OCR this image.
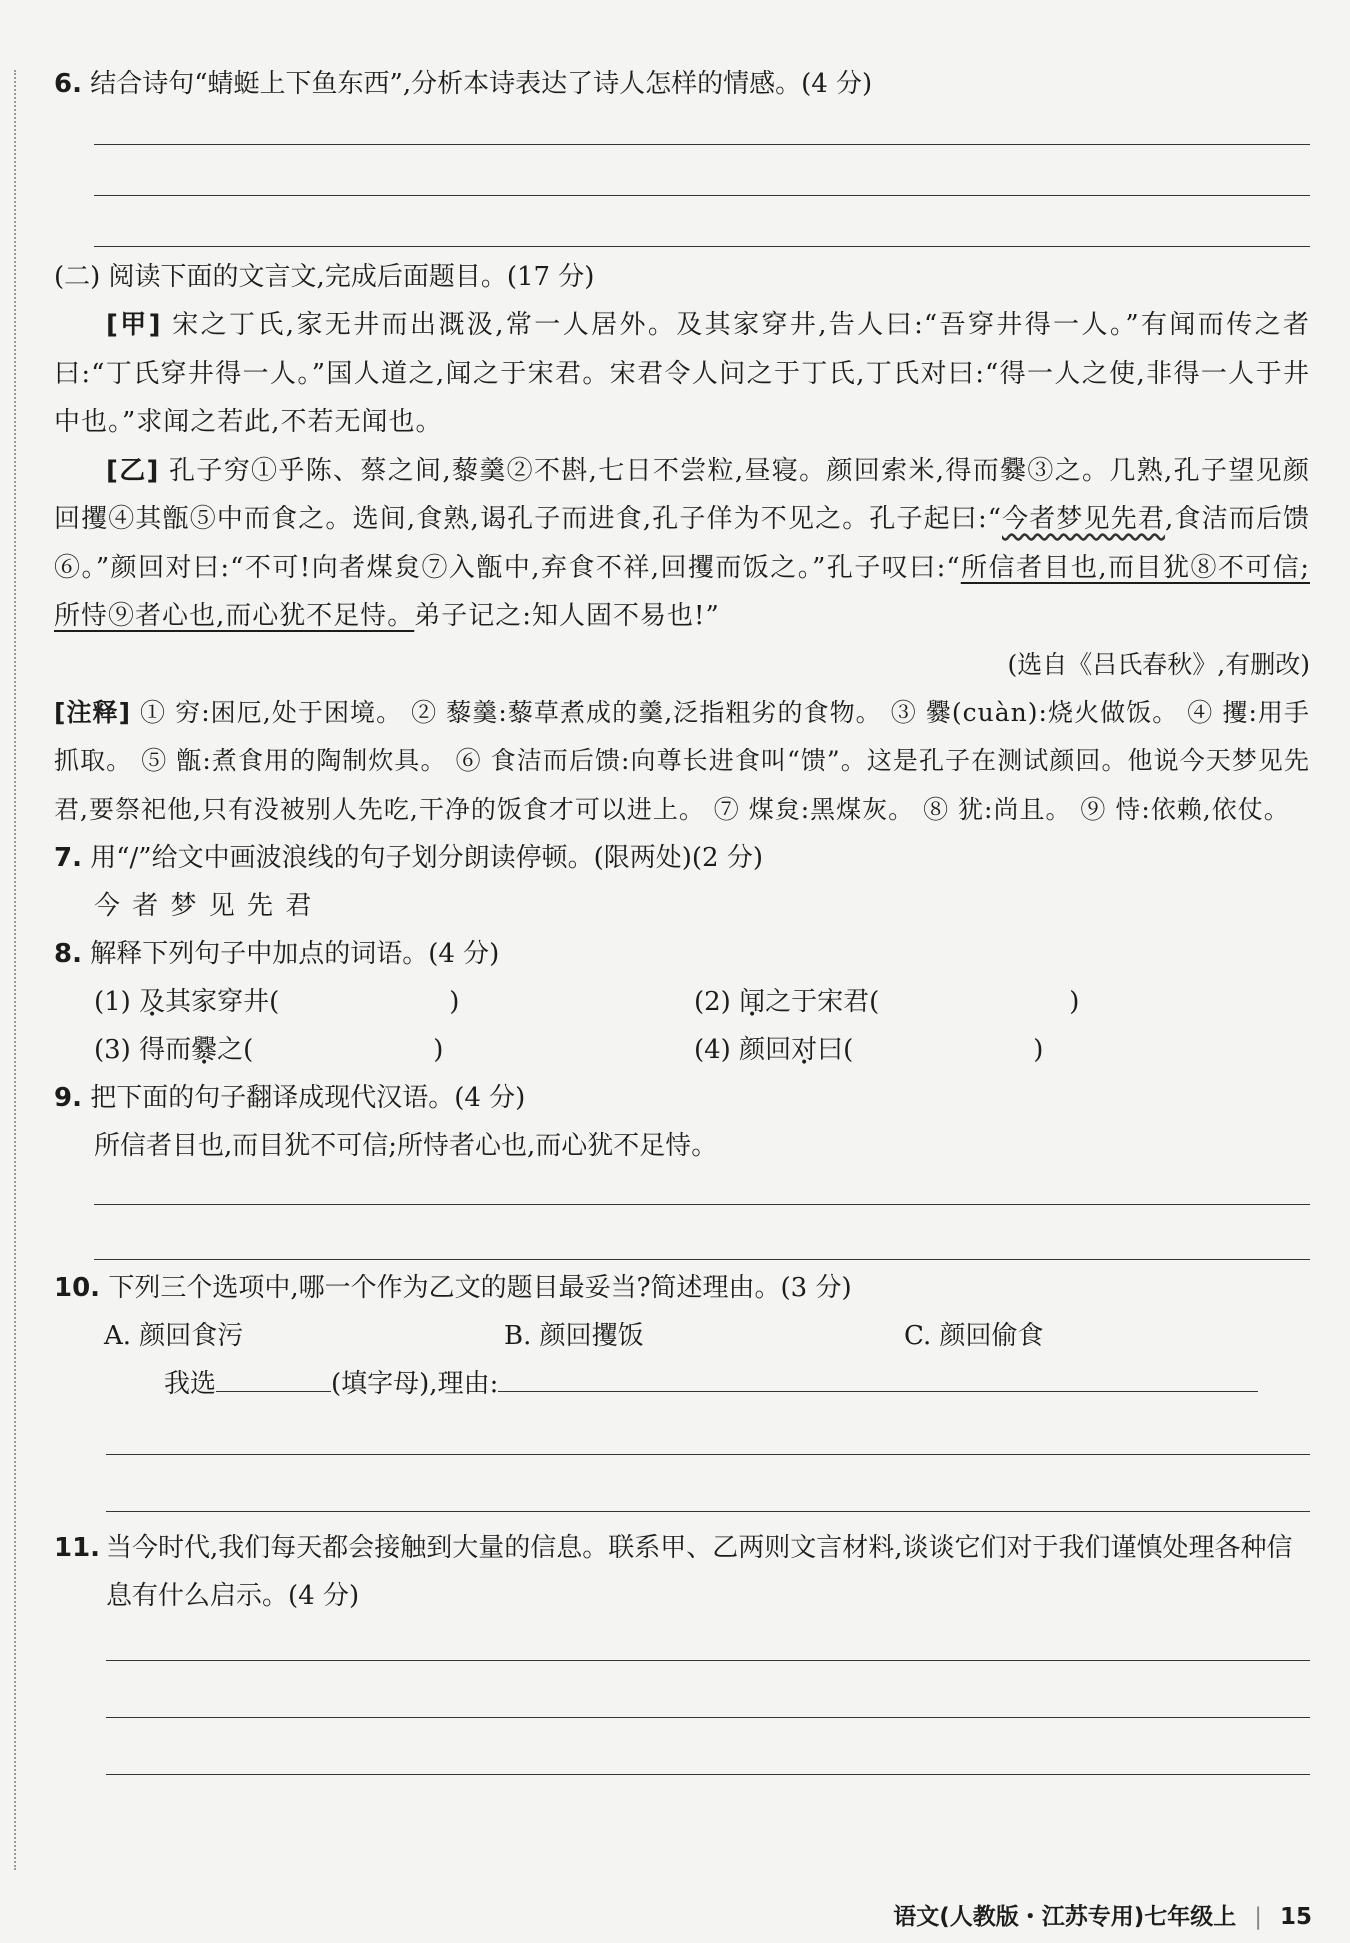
6. 结合诗句“蜻蜓上下鱼东西”,分析本诗表达了诗人怎样的情感。(4 分)
(二) 阅读下面的文言文,完成后面题目。(17 分)
[甲] 宋之丁氏,家无井而出溉汲,常一人居外。及其家穿井,告人曰:“吾穿井得一人。”有闻而传之者曰:“丁氏穿井得一人。”国人道之,闻之于宋君。宋君令人问之于丁氏,丁氏对曰:“得一人之使,非得一人于井中也。”求闻之若此,不若无闻也。
[乙] 孔子穷①乎陈、蔡之间,藜羹②不斟,七日不尝粒,昼寝。颜回索米,得而爨③之。几熟,孔子望见颜回攫④其甑⑤中而食之。选间,食熟,谒孔子而进食,孔子佯为不见之。孔子起曰:“今者梦见先君,食洁而后馈⑥。”颜回对曰:“不可!向者煤炱⑦入甑中,弃食不祥,回攫而饭之。”孔子叹曰:“所信者目也,而目犹⑧不可信;所恃⑨者心也,而心犹不足恃。弟子记之:知人固不易也!”
(选自《吕氏春秋》,有删改)
[注释] ① 穷:困厄,处于困境。 ② 藜羹:藜草煮成的羹,泛指粗劣的食物。 ③ 爨(cuàn):烧火做饭。 ④ 攫:用手抓取。 ⑤ 甑:煮食用的陶制炊具。 ⑥ 食洁而后馈:向尊长进食叫“馈”。这是孔子在测试颜回。他说今天梦见先君,要祭祀他,只有没被别人先吃,干净的饭食才可以进上。 ⑦ 煤炱:黑煤灰。 ⑧ 犹:尚且。 ⑨ 恃:依赖,依仗。
7. 用“/”给文中画波浪线的句子划分朗读停顿。(限两处)(2 分)
今 者 梦 见 先 君
8. 解释下列句子中加点的词语。(4 分)
(1) 及其家穿井(	)	(2) 闻之于宋君(	)
(3) 得而爨之(	)	(4) 颜回对曰(	)
9. 把下面的句子翻译成现代汉语。(4 分)
所信者目也,而目犹不可信;所恃者心也,而心犹不足恃。
10. 下列三个选项中,哪一个作为乙文的题目最妥当?简述理由。(3 分)
A. 颜回食污	B. 颜回攫饭	C. 颜回偷食
我选	(填字母),理由:
11. 当今时代,我们每天都会接触到大量的信息。联系甲、乙两则文言材料,谈谈它们对于我们谨慎处理各种信息有什么启示。(4 分)
语文(人教版・江苏专用)七年级上 | 15
